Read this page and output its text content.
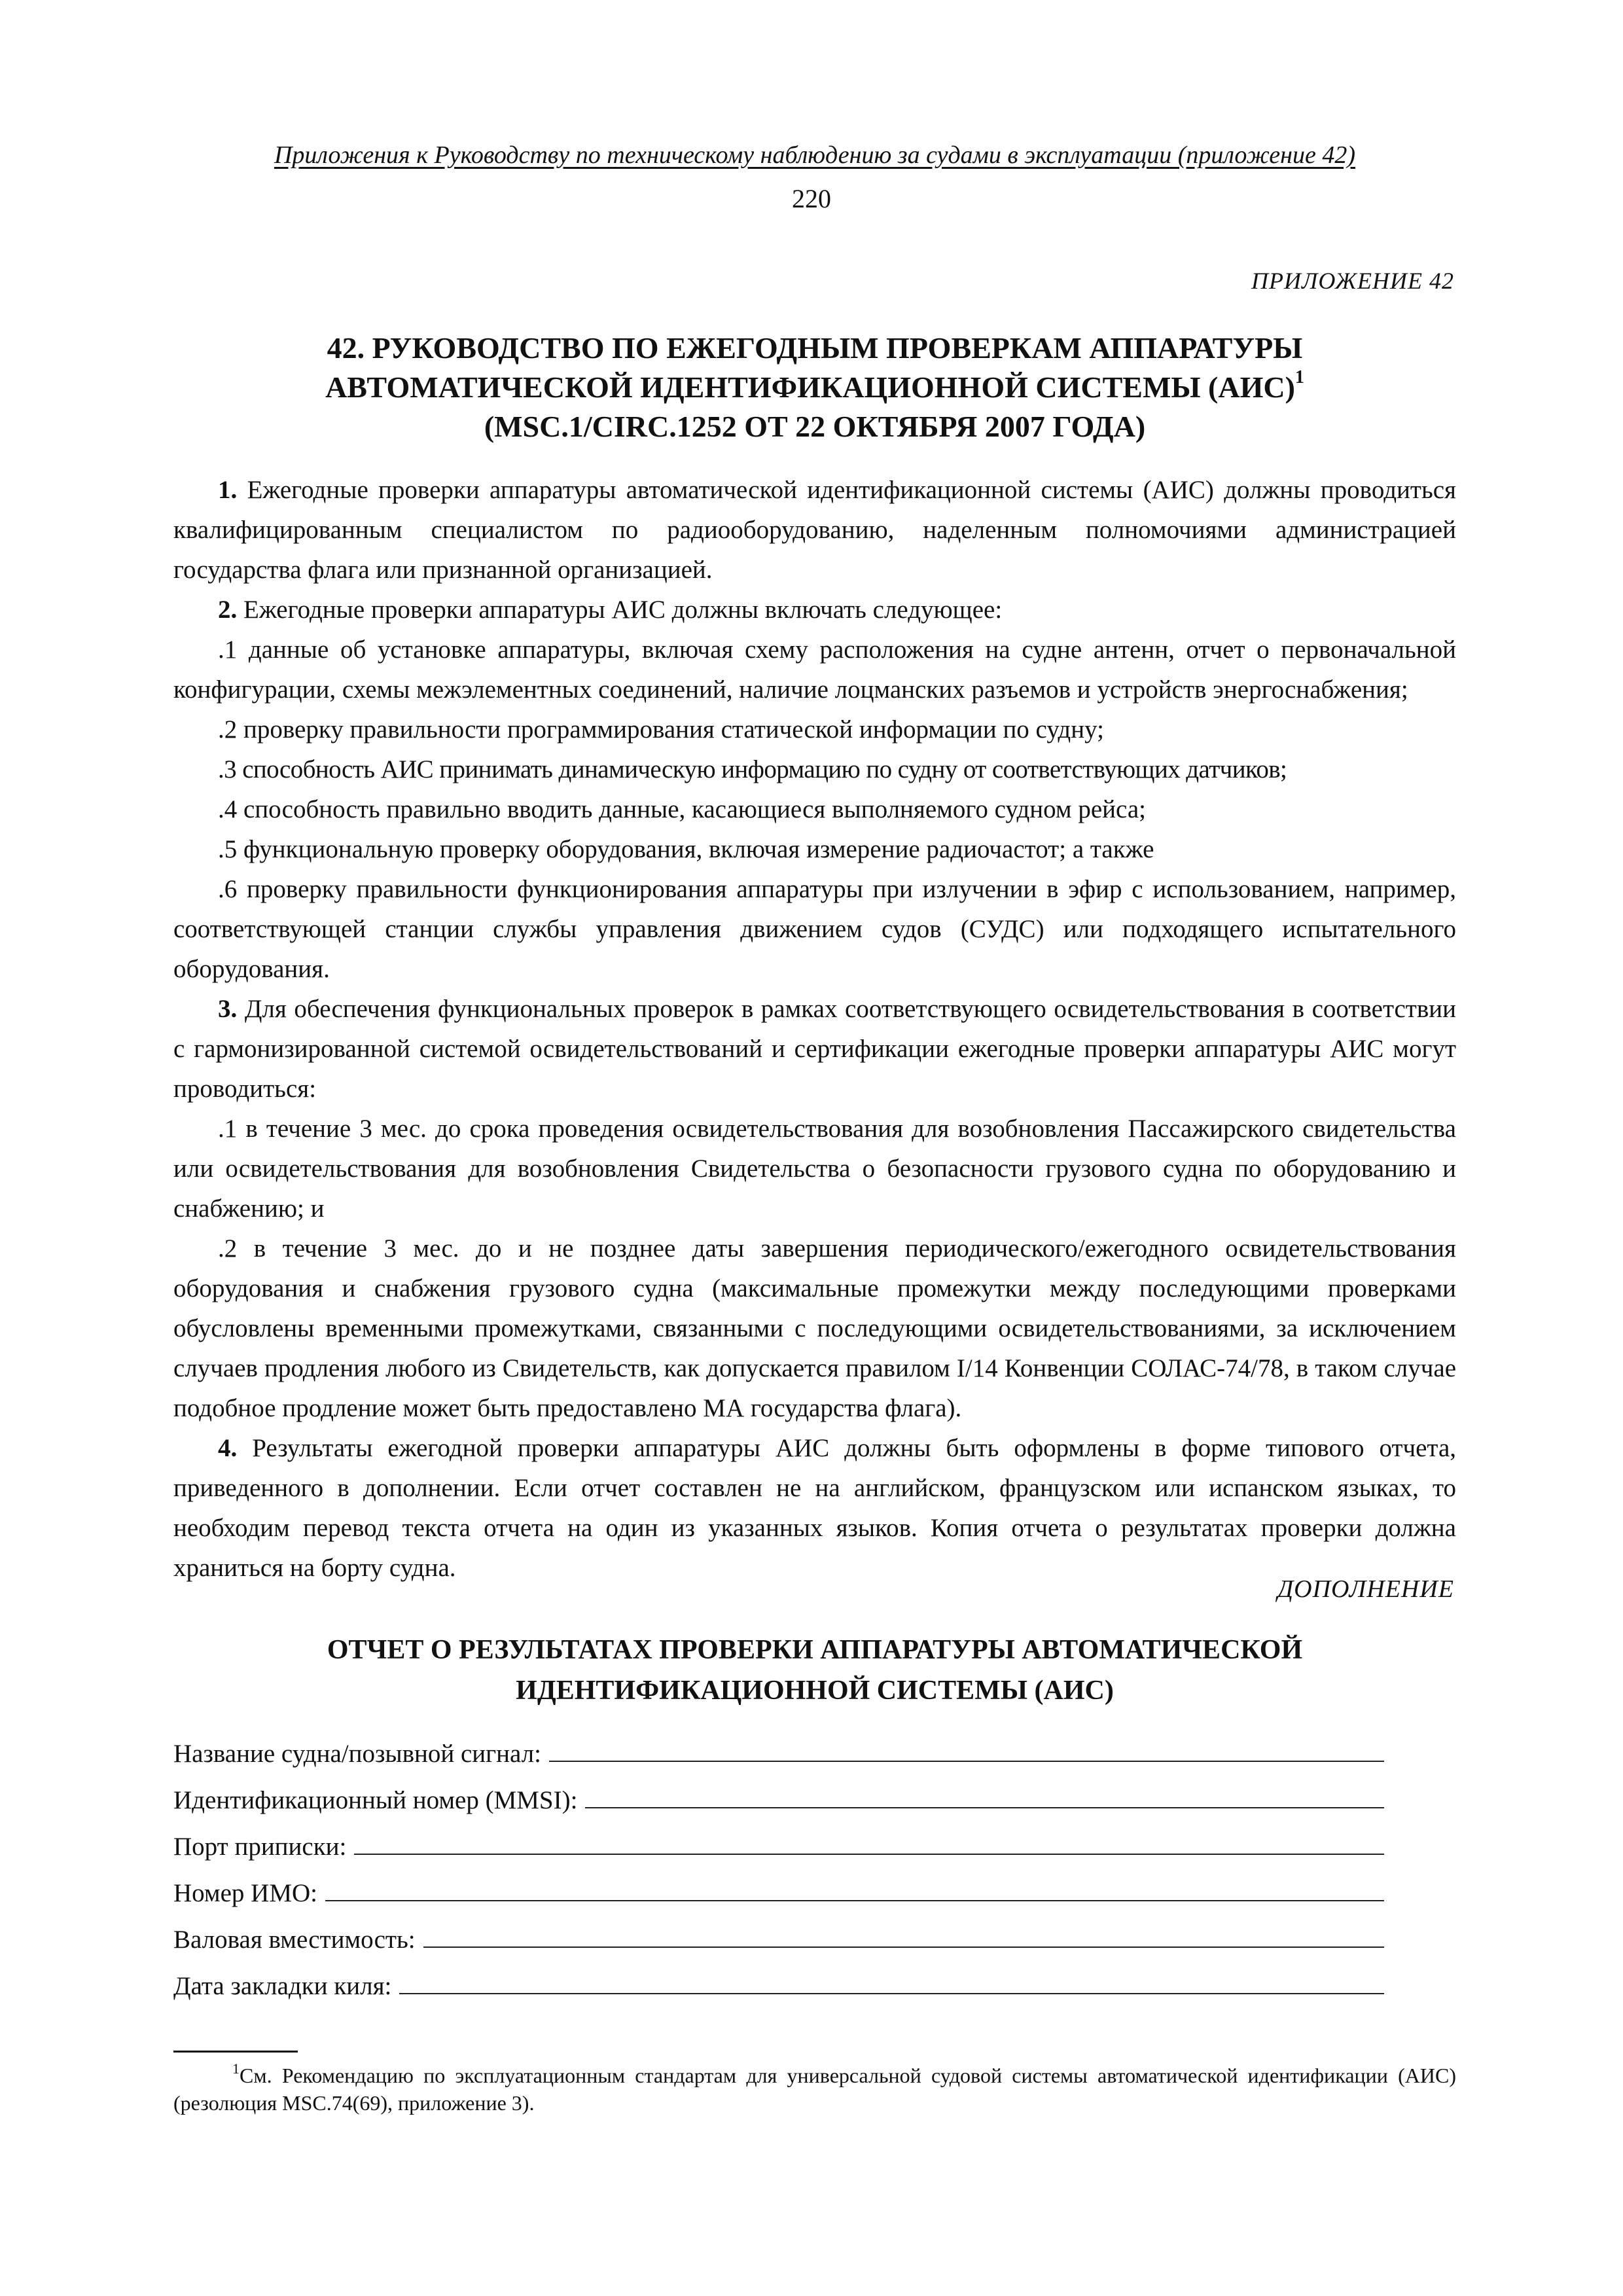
Приложения к Руководству по техническому наблюдению за судами в эксплуатации (приложение 42)
220
ПРИЛОЖЕНИЕ 42
42. РУКОВОДСТВО ПО ЕЖЕГОДНЫМ ПРОВЕРКАМ АППАРАТУРЫ
АВТОМАТИЧЕСКОЙ ИДЕНТИФИКАЦИОННОЙ СИСТЕМЫ (АИС)$^1$
(MSC.1/CIRC.1252 ОТ 22 ОКТЯБРЯ 2007 ГОДА)

1. Ежегодные проверки аппаратуры автоматической идентификационной системы (АИС) должны проводиться квалифицированным специалистом по радиооборудованию, наделенным полномочиями администрацией государства флага или признанной организацией.

2. Ежегодные проверки аппаратуры АИС должны включать следующее:

.1 данные об установке аппаратуры, включая схему расположения на судне антенн, отчет о первоначальной конфигурации, схемы межэлементных соединений, наличие лоцманских разъемов и устройств энергоснабжения;

.2 проверку правильности программирования статической информации по судну;

.3 способность АИС принимать динамическую информацию по судну от соответствующих датчиков;

.4 способность правильно вводить данные, касающиеся выполняемого судном рейса;

.5 функциональную проверку оборудования, включая измерение радиочастот; а также

.6 проверку правильности функционирования аппаратуры при излучении в эфир с использованием, например, соответствующей станции службы управления движением судов (СУДС) или подходящего испытательного оборудования.

3. Для обеспечения функциональных проверок в рамках соответствующего освидетельствования в соответствии с гармонизированной системой освидетельствований и сертификации ежегодные проверки аппаратуры АИС могут проводиться:

.1 в течение 3 мес. до срока проведения освидетельствования для возобновления Пассажирского свидетельства или освидетельствования для возобновления Свидетельства о безопасности грузового судна по оборудованию и снабжению; и

.2 в течение 3 мес. до и не позднее даты завершения периодического/ежегодного освидетельствования оборудования и снабжения грузового судна (максимальные промежутки между последующими проверками обусловлены временными промежутками, связанными с последующими освидетельствованиями, за исключением случаев продления любого из Свидетельств, как допускается правилом I/14 Конвенции СОЛАС-74/78, в таком случае подобное продление может быть предоставлено МА государства флага).

4. Результаты ежегодной проверки аппаратуры АИС должны быть оформлены в форме типового отчета, приведенного в дополнении. Если отчет составлен не на английском, французском или испанском языках, то необходим перевод текста отчета на один из указанных языков. Копия отчета о результатах проверки должна храниться на борту судна.

ДОПОЛНЕНИЕ
ОТЧЕТ О РЕЗУЛЬТАТАХ ПРОВЕРКИ АППАРАТУРЫ АВТОМАТИЧЕСКОЙ
ИДЕНТИФИКАЦИОННОЙ СИСТЕМЫ (АИС)
Название судна/позывной сигнал:
Идентификационный номер (MMSI):
Порт приписки:
Номер ИМО:
Валовая вместимость:
Дата закладки киля:
$^1$См. Рекомендацию по эксплуатационным стандартам для универсальной судовой системы автоматической идентификации (АИС) (резолюция MSC.74(69), приложение 3).
